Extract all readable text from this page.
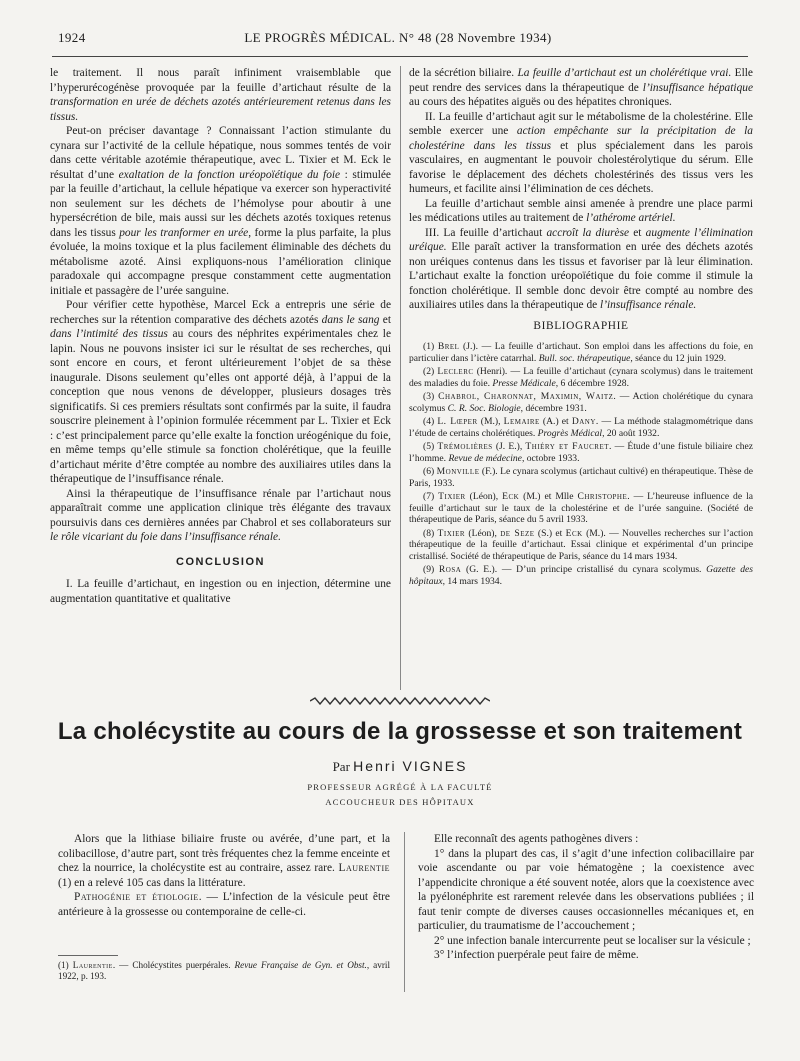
1924	LE PROGRÈS MÉDICAL. N° 48 (28 Novembre 1934)

le traitement. Il nous paraît infiniment vraisemblable que l’hyperurécogénèse provoquée par la feuille d’artichaut résulte de la transformation en urée de déchets azotés antérieurement retenus dans les tissus.

Peut-on préciser davantage ? Connaissant l’action stimulante du cynara sur l’activité de la cellule hépatique, nous sommes tentés de voir dans cette véritable azotémie thérapeutique, avec L. Tixier et M. Eck le résultat d’une exaltation de la fonction uréopoïétique du foie : stimulée par la feuille d’artichaut, la cellule hépatique va exercer son hyperactivité non seulement sur les déchets de l’hémolyse pour aboutir à une hypersécrétion de bile, mais aussi sur les déchets azotés toxiques retenus dans les tissus pour les tranformer en urée, forme la plus parfaite, la plus évoluée, la moins toxique et la plus facilement éliminable des déchets du métabolisme azoté. Ainsi expliquons-nous l’amélioration clinique paradoxale qui accompagne presque constamment cette augmentation initiale et passagère de l’urée sanguine.

Pour vérifier cette hypothèse, Marcel Eck a entrepris une série de recherches sur la rétention comparative des déchets azotés dans le sang et dans l’intimité des tissus au cours des néphrites expérimentales chez le lapin. Nous ne pouvons insister ici sur le résultat de ses recherches, qui sont encore en cours, et feront ultérieurement l’objet de sa thèse inaugurale. Disons seulement qu’elles ont apporté déjà, à l’appui de la conception que nous venons de développer, plusieurs dosages très significatifs. Si ces premiers résultats sont confirmés par la suite, il faudra souscrire pleinement à l’opinion formulée récemment par L. Tixier et Eck : c’est principalement parce qu’elle exalte la fonction uréogénique du foie, en même temps qu’elle stimule sa fonction cholérétique, que la feuille d’artichaut mérite d’être comptée au nombre des auxiliaires utiles dans la thérapeutique de l’insuffisance rénale.

Ainsi la thérapeutique de l’insuffisance rénale par l’artichaut nous apparaîtrait comme une application clinique très élégante des travaux poursuivis dans ces dernières années par Chabrol et ses collaborateurs sur le rôle vicariant du foie dans l’insuffisance rénale.

CONCLUSION

I. La feuille d’artichaut, en ingestion ou en injection, détermine une augmentation quantitative et qualitative

de la sécrétion biliaire. La feuille d’artichaut est un cholérétique vrai. Elle peut rendre des services dans la thérapeutique de l’insuffisance hépatique au cours des hépatites aiguës ou des hépatites chroniques.

II. La feuille d’artichaut agit sur le métabolisme de la cholestérine. Elle semble exercer une action empêchante sur la précipitation de la cholestérine dans les tissus et plus spécialement dans les parois vasculaires, en augmentant le pouvoir cholestérolytique du sérum. Elle favorise le déplacement des déchets cholestérinés des tissus vers les humeurs, et facilite ainsi l’élimination de ces déchets.

La feuille d’artichaut semble ainsi amenée à prendre une place parmi les médications utiles au traitement de l’athérome artériel.

III. La feuille d’artichaut accroît la diurèse et augmente l’élimination uréique. Elle paraît activer la transformation en urée des déchets azotés non uréiques contenus dans les tissus et favoriser par là leur élimination. L’artichaut exalte la fonction uréopoïétique du foie comme il stimule la fonction cholérétique. Il semble donc devoir être compté au nombre des auxiliaires utiles dans la thérapeutique de l’insuffisance rénale.

BIBLIOGRAPHIE

(1) Brel (J.). — La feuille d’artichaut. Son emploi dans les affections du foie, en particulier dans l’ictère catarrhal. Bull. soc. thérapeutique, séance du 12 juin 1929.

(2) Leclerc (Henri). — La feuille d’artichaut (cynara scolymus) dans le traitement des maladies du foie. Presse Médicale, 6 décembre 1928.

(3) Chabrol, Charonnat, Maximin, Waitz. — Action cholérétique du cynara scolymus C. R. Soc. Biologie, décembre 1931.

(4) L. Lœper (M.), Lemaire (A.) et Dany. — La méthode stalagmométrique dans l’étude de certains cholérétiques. Progrès Médical, 20 août 1932.

(5) Trémolières (J. E.), Thiéry et Faucret. — Étude d’une fistule biliaire chez l’homme. Revue de médecine, octobre 1933.

(6) Monville (F.). Le cynara scolymus (artichaut cultivé) en thérapeutique. Thèse de Paris, 1933.

(7) Tixier (Léon), Eck (M.) et Mlle Christophe. — L’heureuse influence de la feuille d’artichaut sur le taux de la cholestérine et de l’urée sanguine. (Société de thérapeutique de Paris, séance du 5 avril 1933.

(8) Tixier (Léon), de Seze (S.) et Eck (M.). — Nouvelles recherches sur l’action thérapeutique de la feuille d’artichaut. Essai clinique et expérimental d’un principe cristallisé. Société de thérapeutique de Paris, séance du 14 mars 1934.

(9) Rosa (G. E.). — D’un principe cristallisé du cynara scolymus. Gazette des hôpitaux, 14 mars 1934.

La cholécystite au cours de la grossesse et son traitement
Par Henri VIGNES
PROFESSEUR AGRÉGÉ À LA FACULTÉ
ACCOUCHEUR DES HÔPITAUX

Alors que la lithiase biliaire fruste ou avérée, d’une part, et la colibacillose, d’autre part, sont très fréquentes chez la femme enceinte et chez la nourrice, la cholécystite est au contraire, assez rare. Laurentie (1) en a relevé 105 cas dans la littérature.

Pathogénie et étiologie. — L’infection de la vésicule peut être antérieure à la grossesse ou contemporaine de celle-ci.

(1) Laurentie. — Cholécystites puerpérales. Revue Française de Gyn. et Obst., avril 1922, p. 193.

Elle reconnaît des agents pathogènes divers :

1° dans la plupart des cas, il s’agit d’une infection colibacillaire par voie ascendante ou par voie hématogène ; la coexistence avec l’appendicite chronique a été souvent notée, alors que la coexistence avec la pyélonéphrite est rarement relevée dans les observations publiées ; il faut tenir compte de diverses causes occasionnelles mécaniques et, en particulier, du traumatisme de l’accouchement ;

2° une infection banale intercurrente peut se localiser sur la vésicule ;

3° l’infection puerpérale peut faire de même.
